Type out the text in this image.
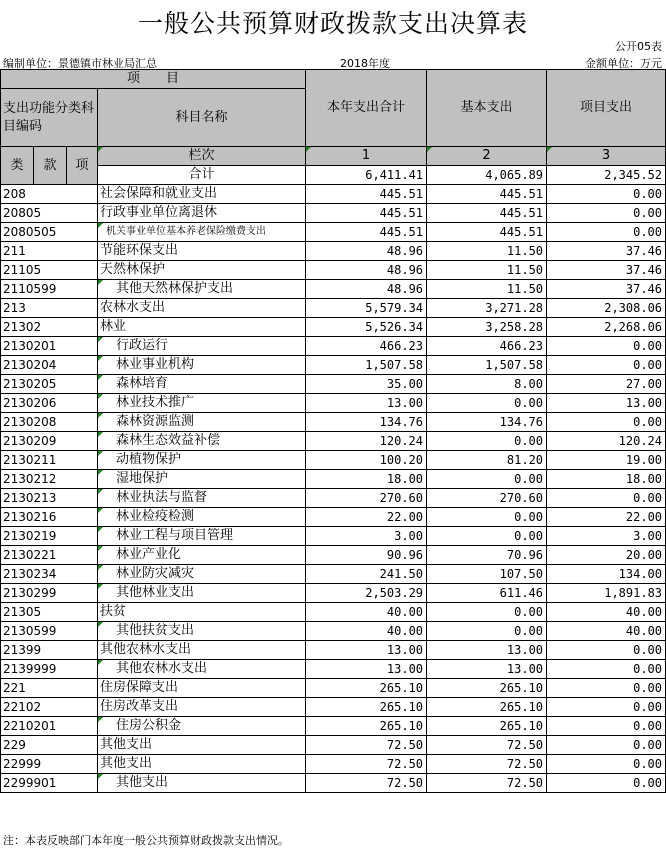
一般公共预算财政拨款支出决算表
公开05表
编制单位：景德镇市林业局汇总	2018年度	金额单位：万元
项　　目				本年支出合计	基本支出	项目支出
支出功能分类科目编码			科目名称			

类	款	项	栏次	1	2	3
			合计	6,411.41	4,065.89	2,345.52
208			社会保障和就业支出	445.51	445.51	0.00
20805			行政事业单位离退休	445.51	445.51	0.00
2080505			机关事业单位基本养老保险缴费支出	445.51	445.51	0.00
211			节能环保支出	48.96	11.50	37.46
21105			天然林保护	48.96	11.50	37.46
2110599			其他天然林保护支出	48.96	11.50	37.46
213			农林水支出	5,579.34	3,271.28	2,308.06
21302			林业	5,526.34	3,258.28	2,268.06
2130201			行政运行	466.23	466.23	0.00
2130204			林业事业机构	1,507.58	1,507.58	0.00
2130205			森林培育	35.00	8.00	27.00
2130206			林业技术推广	13.00	0.00	13.00
2130208			森林资源监测	134.76	134.76	0.00
2130209			森林生态效益补偿	120.24	0.00	120.24
2130211			动植物保护	100.20	81.20	19.00
2130212			湿地保护	18.00	0.00	18.00
2130213			林业执法与监督	270.60	270.60	0.00
2130216			林业检疫检测	22.00	0.00	22.00
2130219			林业工程与项目管理	3.00	0.00	3.00
2130221			林业产业化	90.96	70.96	20.00
2130234			林业防灾减灾	241.50	107.50	134.00
2130299			其他林业支出	2,503.29	611.46	1,891.83
21305			扶贫	40.00	0.00	40.00
2130599			其他扶贫支出	40.00	0.00	40.00
21399			其他农林水支出	13.00	13.00	0.00
2139999			其他农林水支出	13.00	13.00	0.00
221			住房保障支出	265.10	265.10	0.00
22102			住房改革支出	265.10	265.10	0.00
2210201			住房公积金	265.10	265.10	0.00
229			其他支出	72.50	72.50	0.00
22999			其他支出	72.50	72.50	0.00
2299901			其他支出	72.50	72.50	0.00
注：本表反映部门本年度一般公共预算财政拨款支出情况。
